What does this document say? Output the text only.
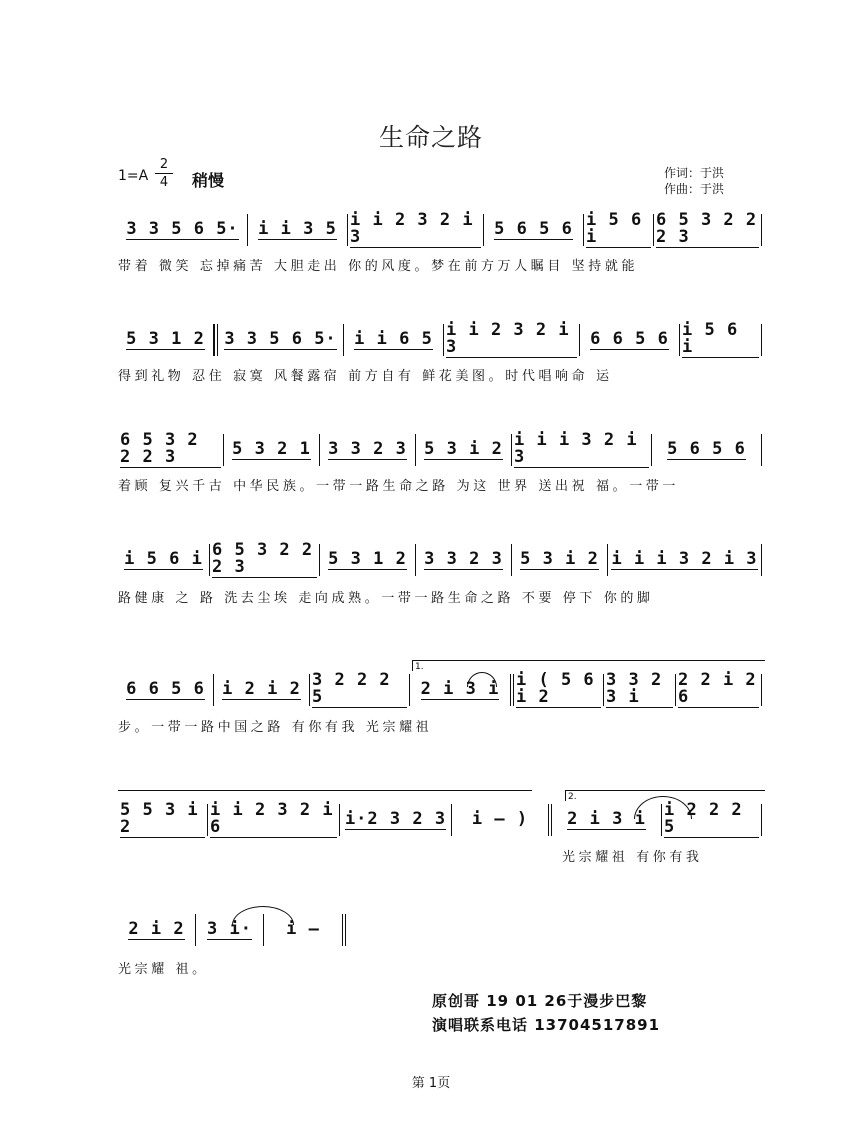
生命之路
$1=A \frac{2}{4}$ 稍慢	作词：于洪
作曲：于洪
3 3 5 6 5· i i 3 5 i i 2 3 2 i 3	5 6 5 6 i 5 6 i
6 5 3 2 2 2 3
带着 微笑 忘掉痛苦 大胆走出 你的风度。梦在前方万人瞩目 坚持就能
5 3 1 2 3 3 5 6 5· i i 6 5 i i 2 3 2 i 3	6 6 5 6 i 5 6 i
得到礼物 忍住 寂寞 风餐露宿 前方自有 鲜花美图。时代唱响命 运
6 5 3 2 2 2 3	5 3 2 1 3 3 2 3 5 3 i 2 i i i 3 2 i 3	5 6 5 6
着顾 复兴千古 中华民族。一带一路生命之路 为这 世界 送出祝 福。一带一
i 5 6 i 6 5 3 2 2 2 3	5 3 1 2 3 3 2 3 5 3 i 2 i i i 3 2 i 3
路健康 之 路 洗去尘埃 走向成熟。一带一路生命之路 不要 停下 你的脚
1.
6 6 5 6 i 2 i 2 3 2 2 2 5	2 i 3 i i ( 5 6 i 2
3 3 2 3 i
2 2 i 2 6
步。一带一路中国之路 有你有我 光宗耀祖
2.
5 5 3 i 2
i i 2 3 2 i 6	i·2 3 2 3 i – ) 2 i 3 i i 2 2 2 5
光宗耀祖 有你有我
2 i 2 3 i· i –
光宗耀 祖。
原创哥 19 01 26于漫步巴黎
演唱联系电话 13704517891
第 1页
